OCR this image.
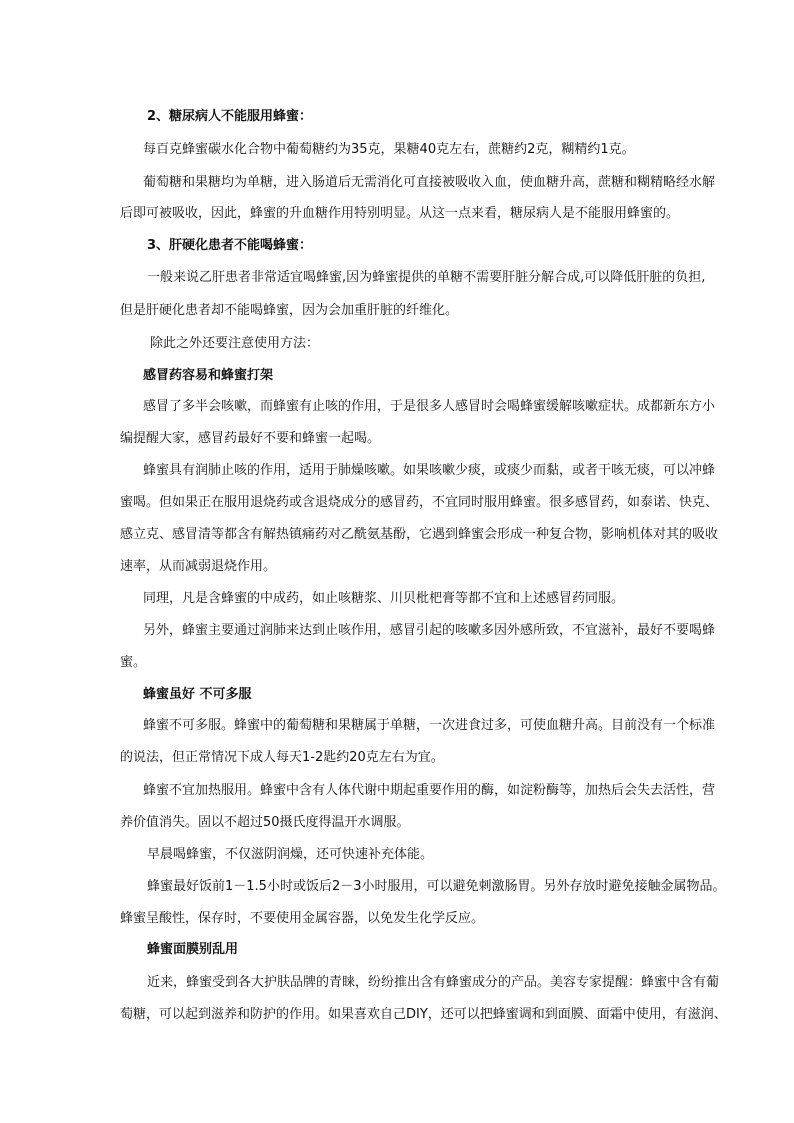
2、糖尿病人不能服用蜂蜜：
每百克蜂蜜碳水化合物中葡萄糖约为35克，果糖40克左右，蔗糖约2克，糊精约1克。
葡萄糖和果糖均为单糖，进入肠道后无需消化可直接被吸收入血，使血糖升高，蔗糖和糊精略经水解
后即可被吸收，因此，蜂蜜的升血糖作用特别明显。从这一点来看，糖尿病人是不能服用蜂蜜的。
3、肝硬化患者不能喝蜂蜜：
一般来说乙肝患者非常适宜喝蜂蜜,因为蜂蜜提供的单糖不需要肝脏分解合成,可以降低肝脏的负担,
但是肝硬化患者却不能喝蜂蜜，因为会加重肝脏的纤维化。
除此之外还要注意使用方法：
感冒药容易和蜂蜜打架
感冒了多半会咳嗽，而蜂蜜有止咳的作用，于是很多人感冒时会喝蜂蜜缓解咳嗽症状。成都新东方小
编提醒大家，感冒药最好不要和蜂蜜一起喝。
蜂蜜具有润肺止咳的作用，适用于肺燥咳嗽。如果咳嗽少痰，或痰少而黏，或者干咳无痰，可以冲蜂
蜜喝。但如果正在服用退烧药或含退烧成分的感冒药，不宜同时服用蜂蜜。很多感冒药，如泰诺、快克、
感立克、感冒清等都含有解热镇痛药对乙酰氨基酚，它遇到蜂蜜会形成一种复合物，影响机体对其的吸收
速率，从而减弱退烧作用。
同理，凡是含蜂蜜的中成药，如止咳糖浆、川贝枇杷膏等都不宜和上述感冒药同服。
另外，蜂蜜主要通过润肺来达到止咳作用，感冒引起的咳嗽多因外感所致，不宜滋补，最好不要喝蜂
蜜。
蜂蜜虽好 不可多服
蜂蜜不可多服。蜂蜜中的葡萄糖和果糖属于单糖，一次进食过多，可使血糖升高。目前没有一个标准
的说法，但正常情况下成人每天1-2匙约20克左右为宜。
蜂蜜不宜加热服用。蜂蜜中含有人体代谢中期起重要作用的酶，如淀粉酶等，加热后会失去活性，营
养价值消失。固以不超过50摄氏度得温开水调服。
早晨喝蜂蜜，不仅滋阴润燥，还可快速补充体能。
蜂蜜最好饭前1－1.5小时或饭后2－3小时服用，可以避免刺激肠胃。另外存放时避免接触金属物品。
蜂蜜呈酸性，保存时，不要使用金属容器，以免发生化学反应。
蜂蜜面膜别乱用
近来，蜂蜜受到各大护肤品牌的青睐，纷纷推出含有蜂蜜成分的产品。美容专家提醒：蜂蜜中含有葡
萄糖，可以起到滋养和防护的作用。如果喜欢自己DIY，还可以把蜂蜜调和到面膜、面霜中使用，有滋润、
